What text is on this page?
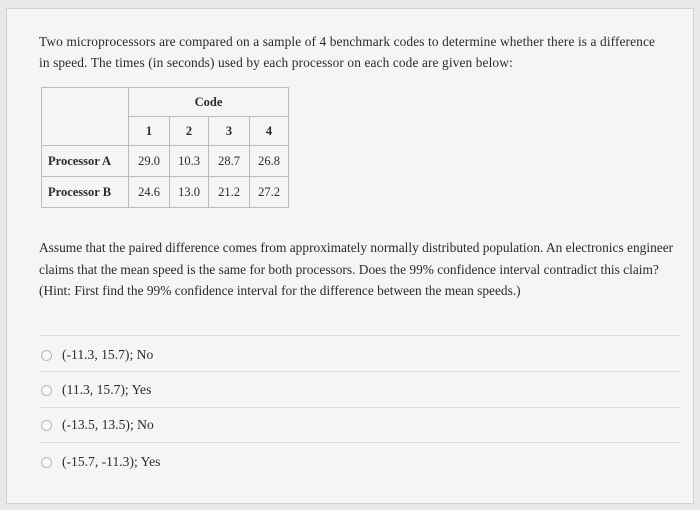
Two microprocessors are compared on a sample of 4 benchmark codes to determine whether there is a difference in speed. The times (in seconds) used by each processor on each code are given below:
	Code			
	1	2	3	4
Processor A	29.0	10.3	28.7	26.8
Processor B	24.6	13.0	21.2	27.2
Assume that the paired difference comes from approximately normally distributed population. An electronics engineer claims that the mean speed is the same for both processors. Does the 99% confidence interval contradict this claim? (Hint: First find the 99% confidence interval for the difference between the mean speeds.)
(-11.3, 15.7); No
(11.3, 15.7); Yes
(-13.5, 13.5); No
(-15.7, -11.3); Yes
